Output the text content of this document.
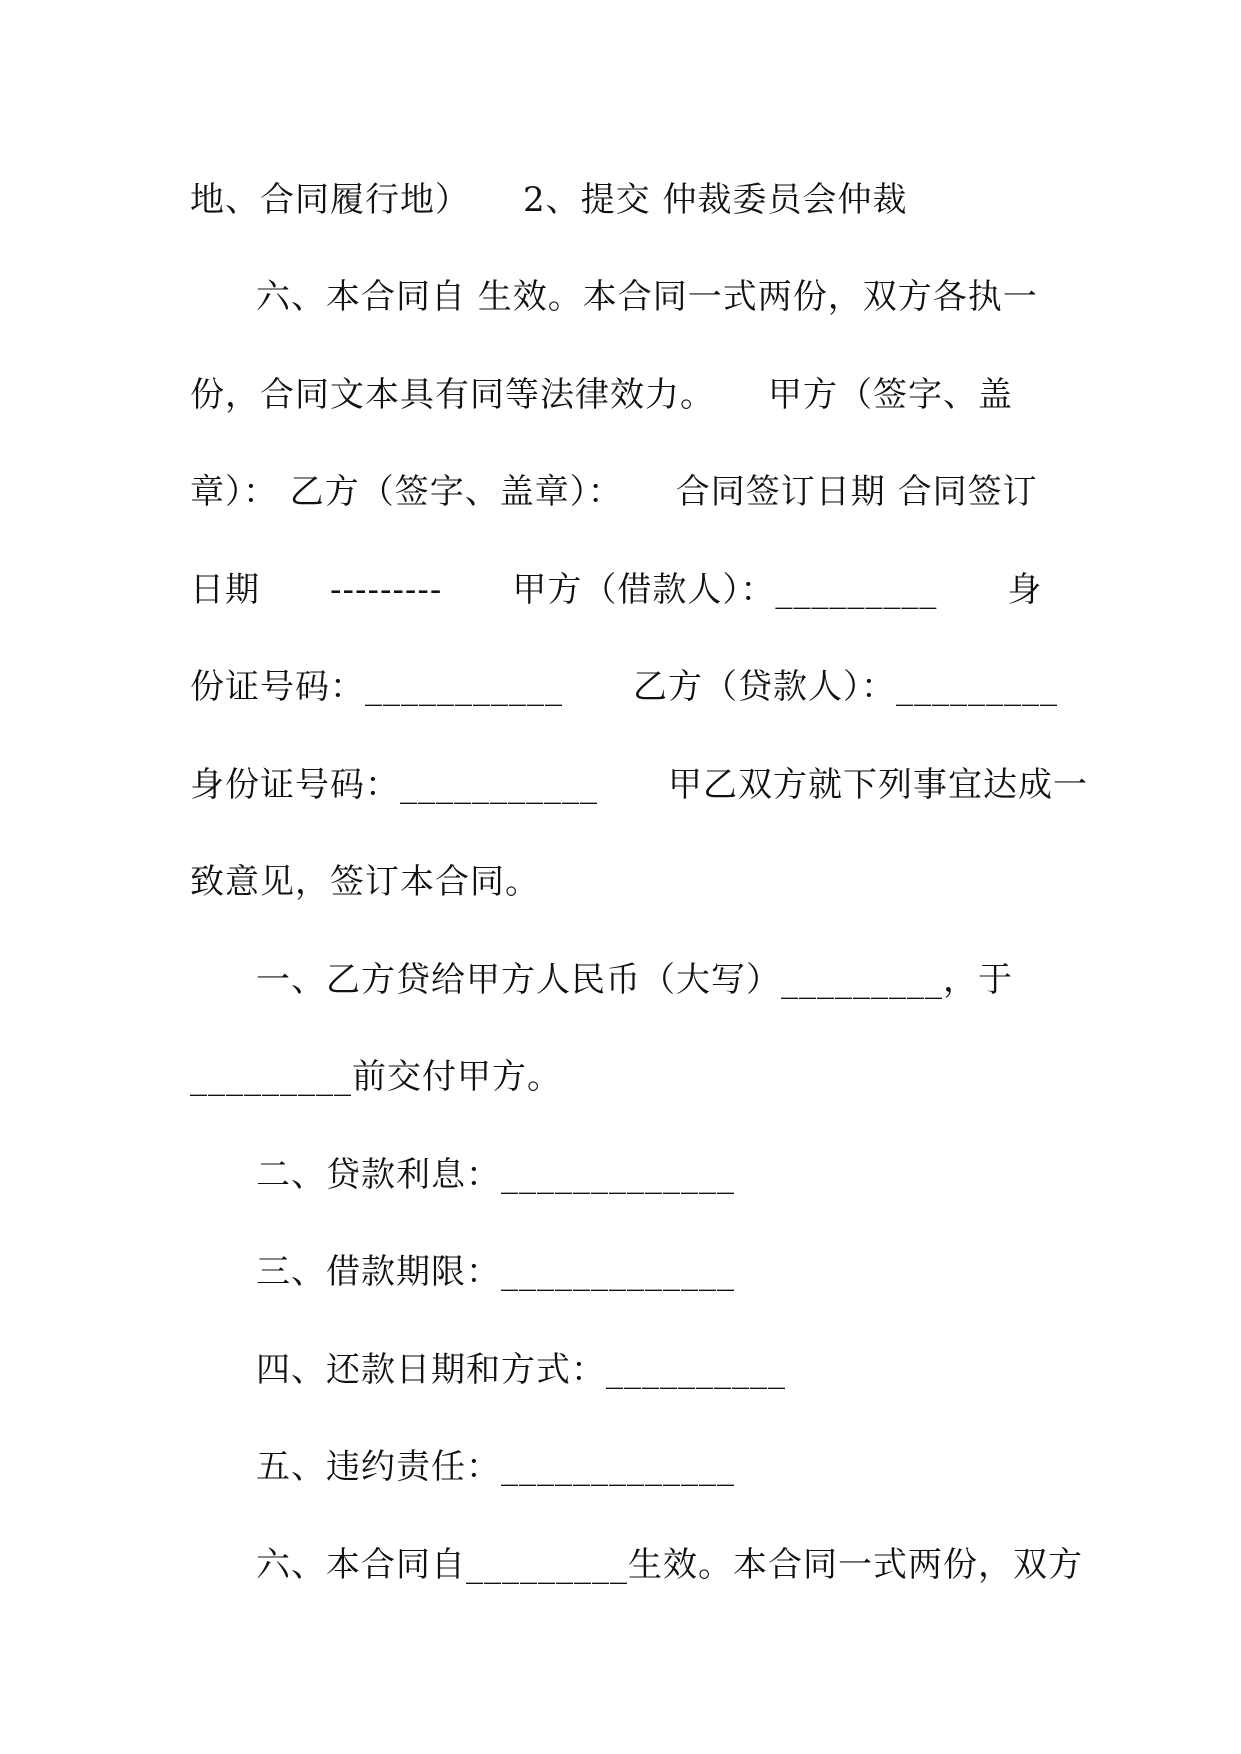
地、合同履行地）　　2、提交 仲裁委员会仲裁
六、本合同自 生效。本合同一式两份，双方各执一
份，合同文本具有同等法律效力。　　甲方（签字、盖
章）： 乙方（签字、盖章）：　　合同签订日期 合同签订
日期　　---------　　甲方（借款人）：_________　　身
份证号码：___________　　乙方（贷款人）：_________
身份证号码：___________　　甲乙双方就下列事宜达成一
致意见，签订本合同。
一、乙方贷给甲方人民币（大写）_________，于
_________前交付甲方。
二、贷款利息：_____________
三、借款期限：_____________
四、还款日期和方式：__________
五、违约责任：_____________
六、本合同自_________生效。本合同一式两份，双方
